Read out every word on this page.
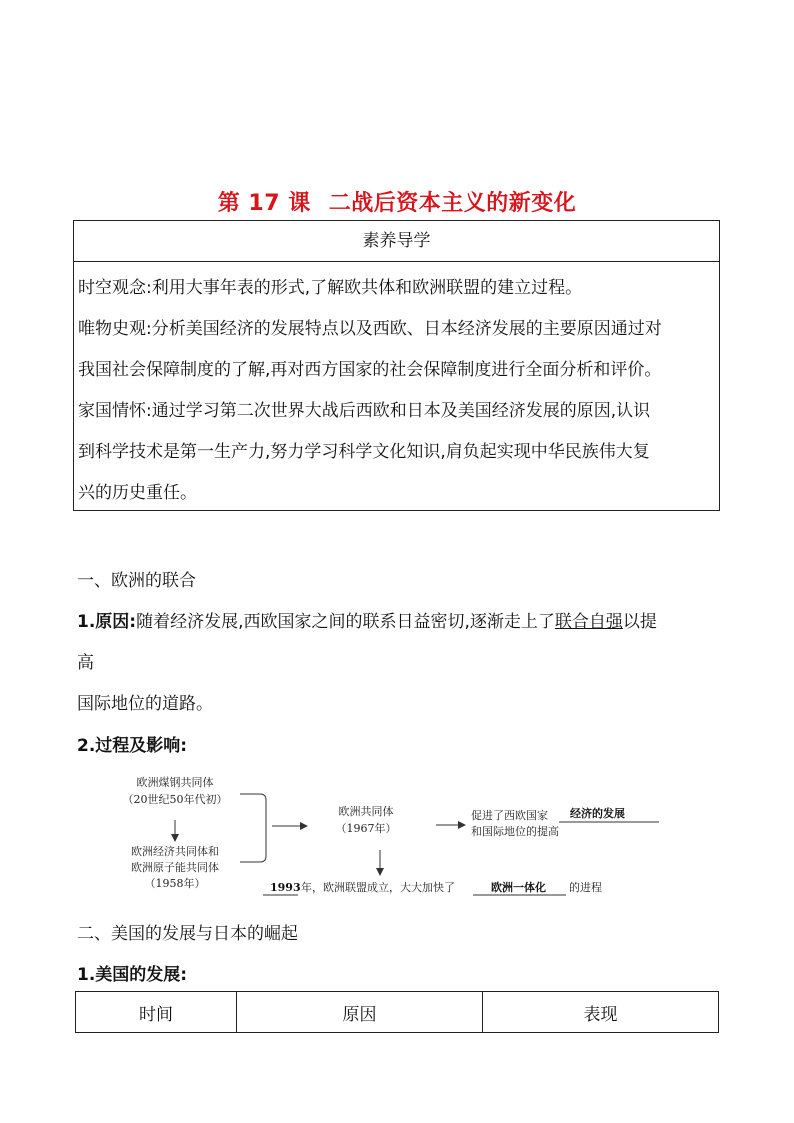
第 17 课 二战后资本主义的新变化
素养导学

时空观念:利用大事年表的形式,了解欧共体和欧洲联盟的建立过程。

唯物史观:分析美国经济的发展特点以及西欧、日本经济发展的主要原因通过对

我国社会保障制度的了解,再对西方国家的社会保障制度进行全面分析和评价。

家国情怀:通过学习第二次世界大战后西欧和日本及美国经济发展的原因,认识

到科学技术是第一生产力,努力学习科学文化知识,肩负起实现中华民族伟大复

兴的历史重任。

一、欧洲的联合
1.原因:随着经济发展,西欧国家之间的联系日益密切,逐渐走上了联合自强以提
高
国际地位的道路。
2.过程及影响:
欧洲煤钢共同体
（20世纪50年代初）
欧洲经济共同体和
欧洲原子能共同体
（1958年）
欧洲共同体
（1967年）
促进了西欧国家 经济的发展
和国际地位的提高
1993 年，欧洲联盟成立，大大加快了	欧洲一体化 的进程
二、美国的发展与日本的崛起
1.美国的发展:
时间	原因	表现
